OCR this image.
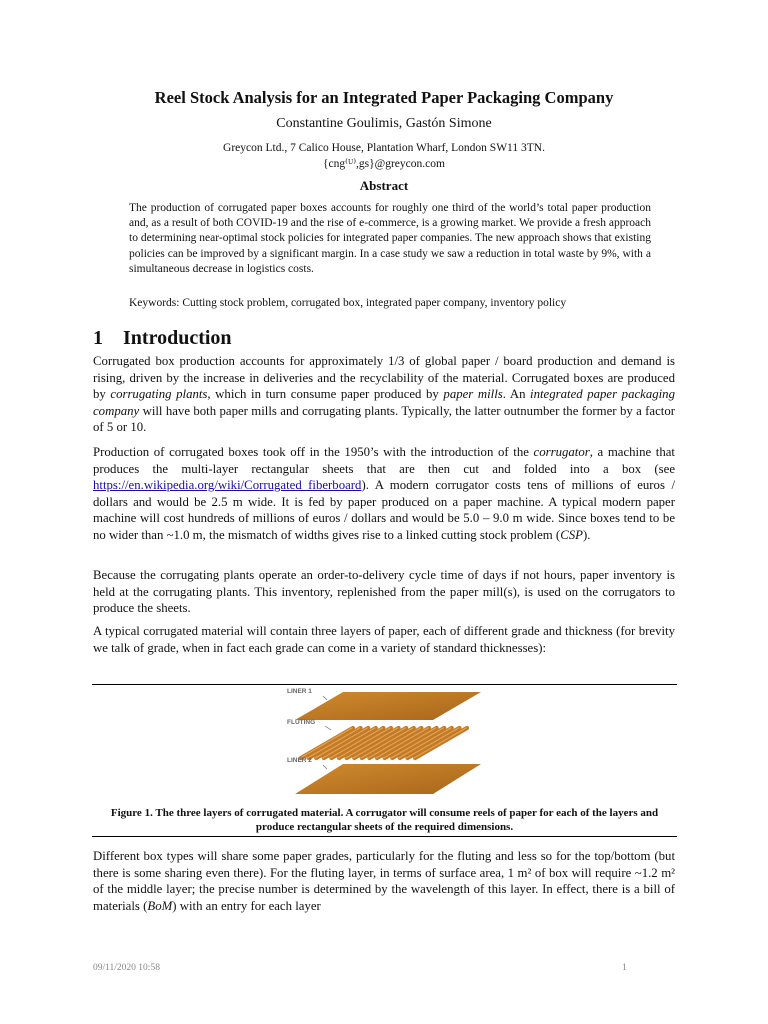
Reel Stock Analysis for an Integrated Paper Packaging Company
Constantine Goulimis, Gastón Simone
Greycon Ltd., 7 Calico House, Plantation Wharf, London SW11 3TN.
{cng⁽ᵁ⁾,gs}@greycon.com
Abstract

The production of corrugated paper boxes accounts for roughly one third of the world’s total paper production and, as a result of both COVID-19 and the rise of e-commerce, is a growing market. We provide a fresh approach to determining near-optimal stock policies for integrated paper companies. The new approach shows that existing policies can be improved by a significant margin. In a case study we saw a reduction in total waste by 9%, with a simultaneous decrease in logistics costs.

Keywords: Cutting stock problem, corrugated box, integrated paper company, inventory policy

1 Introduction

Corrugated box production accounts for approximately 1/3 of global paper / board production and demand is rising, driven by the increase in deliveries and the recyclability of the material. Corrugated boxes are produced by corrugating plants, which in turn consume paper produced by paper mills. An integrated paper packaging company will have both paper mills and corrugating plants. Typically, the latter outnumber the former by a factor of 5 or 10.

Production of corrugated boxes took off in the 1950’s with the introduction of the corrugator, a machine that produces the multi-layer rectangular sheets that are then cut and folded into a box (see https://en.wikipedia.org/wiki/Corrugated_fiberboard). A modern corrugator costs tens of millions of euros / dollars and would be 2.5 m wide. It is fed by paper produced on a paper machine. A typical modern paper machine will cost hundreds of millions of euros / dollars and would be 5.0 – 9.0 m wide. Since boxes tend to be no wider than ~1.0 m, the mismatch of widths gives rise to a linked cutting stock problem (CSP).

Because the corrugating plants operate an order-to-delivery cycle time of days if not hours, paper inventory is held at the corrugating plants. This inventory, replenished from the paper mill(s), is used on the corrugators to produce the sheets.

A typical corrugated material will contain three layers of paper, each of different grade and thickness (for brevity we talk of grade, when in fact each grade can come in a variety of standard thicknesses):

LINER 1
FLUTING
LINER 2
Figure 1. The three layers of corrugated material. A corrugator will consume reels of paper for each of the layers and produce rectangular sheets of the required dimensions.

Different box types will share some paper grades, particularly for the fluting and less so for the top/bottom (but there is some sharing even there). For the fluting layer, in terms of surface area, 1 m² of box will require ~1.2 m² of the middle layer; the precise number is determined by the wavelength of this layer. In effect, there is a bill of materials (BoM) with an entry for each layer

09/11/2020 10:58	1
